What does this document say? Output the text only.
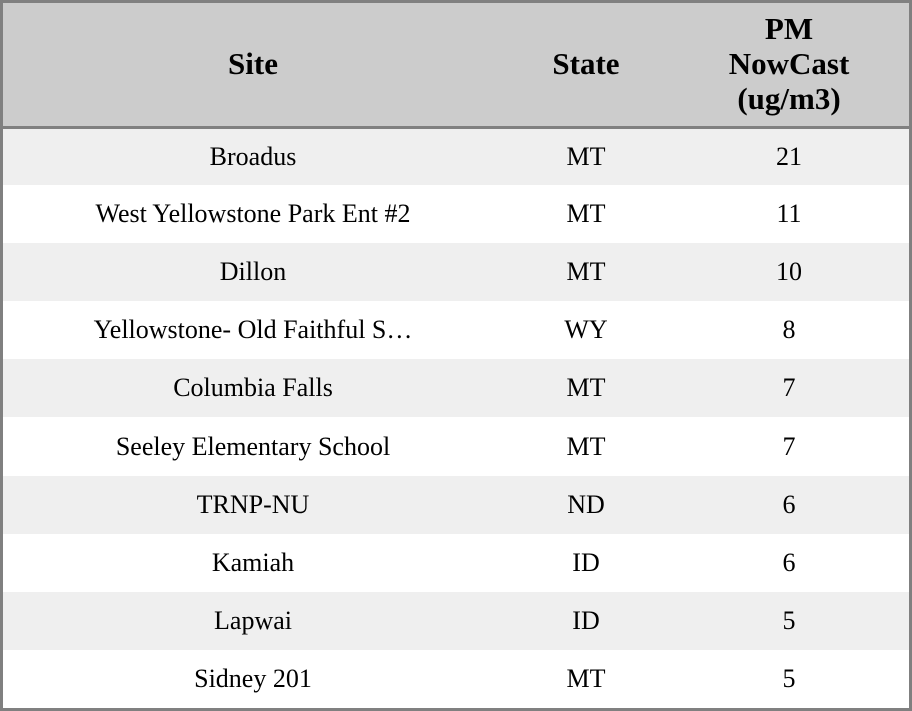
Site	State	PM
NowCast
(ug/m3)

Broadus	MT	21
West Yellowstone Park Ent #2	MT	11
Dillon	MT	10
Yellowstone- Old Faithful S…	WY	8
Columbia Falls	MT	7
Seeley Elementary School	MT	7
TRNP-NU	ND	6
Kamiah	ID	6
Lapwai	ID	5
Sidney 201	MT	5
